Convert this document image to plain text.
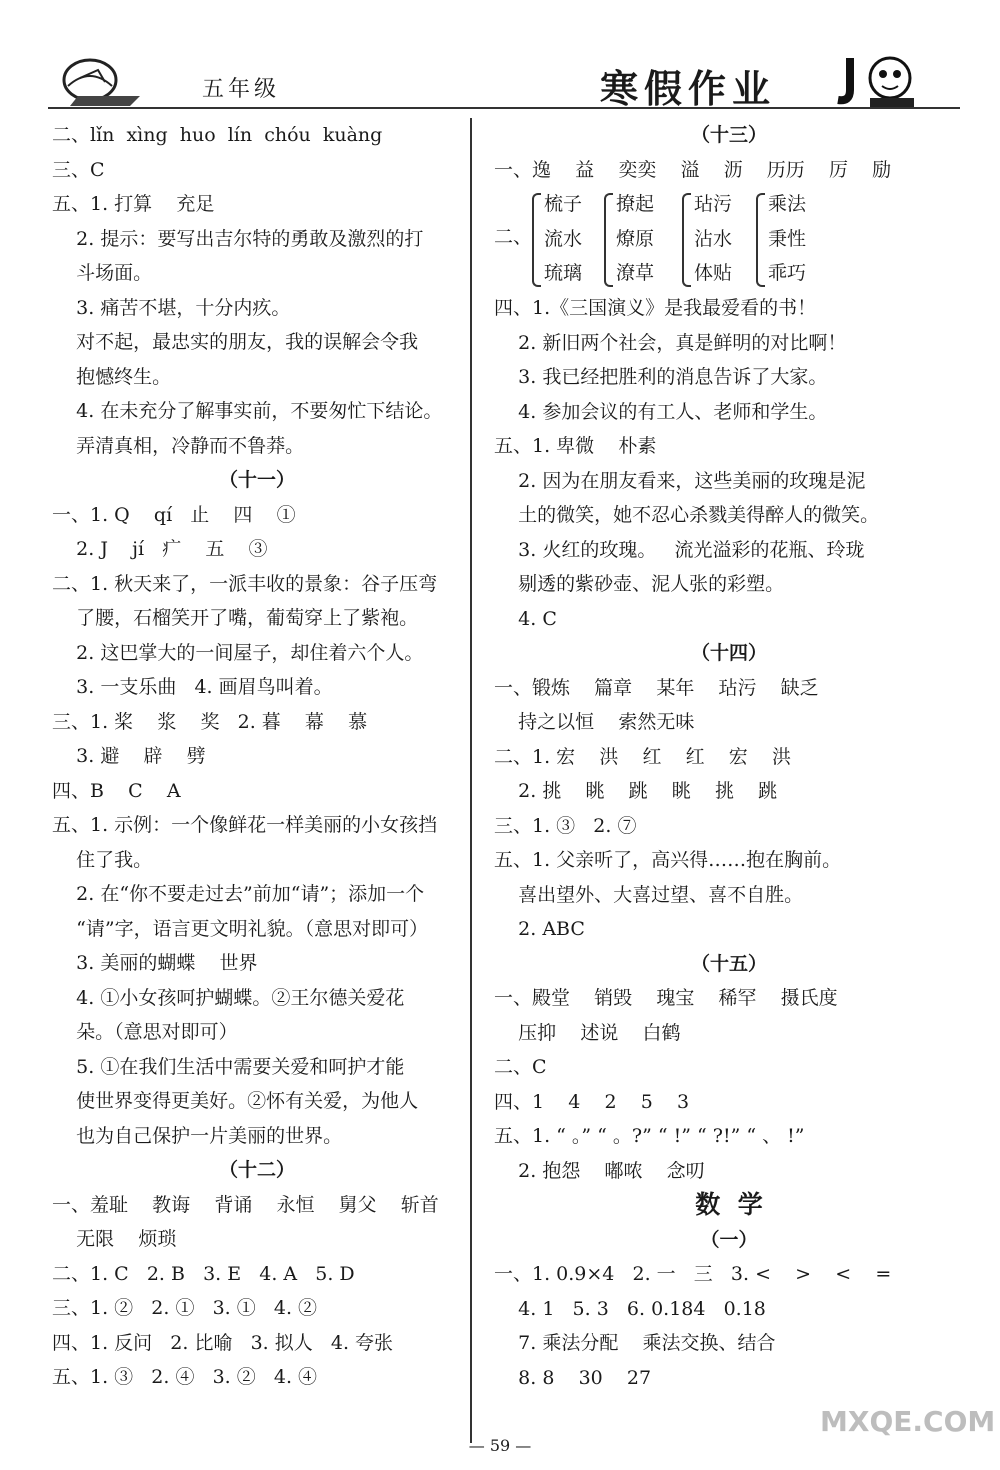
五年级	寒假作业
二、lǐn  xìng  huo  lín  chóu  kuàng
三、C
五、1. 打算    充足
2. 提示：要写出吉尔特的勇敢及激烈的打
斗场面。
3. 痛苦不堪，十分内疚。
对不起，最忠实的朋友，我的误解会令我
抱憾终生。
4. 在未充分了解事实前，不要匆忙下结论。
弄清真相，冷静而不鲁莽。
（十一）
一、1. Q    qí   止    四    ①
2. J    jí   疒    五    ③
二、1. 秋天来了，一派丰收的景象：谷子压弯
了腰，石榴笑开了嘴，葡萄穿上了紫袍。
2. 这巴掌大的一间屋子，却住着六个人。
3. 一支乐曲   4. 画眉鸟叫着。
三、1. 桨    浆    奖   2. 暮    幕    慕
3. 避    辟    劈
四、B    C    A
五、1. 示例：一个像鲜花一样美丽的小女孩挡
住了我。
2. 在“你不要走过去”前加“请”；添加一个
“请”字，语言更文明礼貌。（意思对即可）
3. 美丽的蝴蝶    世界
4. ①小女孩呵护蝴蝶。②王尔德关爱花
朵。（意思对即可）
5. ①在我们生活中需要关爱和呵护才能
使世界变得更美好。②怀有关爱，为他人
也为自己保护一片美丽的世界。
（十二）
一、羞耻    教诲    背诵    永恒    舅父    斩首
无限    烦琐
二、1. C   2. B   3. E   4. A   5. D
三、1. ②   2. ①   3. ①   4. ②
四、1. 反问   2. 比喻   3. 拟人   4. 夸张
五、1. ③   2. ④   3. ②   4. ④
（十三）
一、逸    益    奕奕    溢    沥    历历    厉    励
二、
梳子
流水
琉璃
撩起
燎原
潦草
玷污
沾水
体贴
乘法
秉性
乖巧
四、1.《三国演义》是我最爱看的书！
2. 新旧两个社会，真是鲜明的对比啊！
3. 我已经把胜利的消息告诉了大家。
4. 参加会议的有工人、老师和学生。
五、1. 卑微    朴素
2. 因为在朋友看来，这些美丽的玫瑰是泥
土的微笑，她不忍心杀戮美得醉人的微笑。
3. 火红的玫瑰。   流光溢彩的花瓶、玲珑
剔透的紫砂壶、泥人张的彩塑。
4. C
（十四）
一、锻炼    篇章    某年    玷污    缺乏
持之以恒    索然无味
二、1. 宏    洪    红    红    宏    洪
2. 挑    眺    跳    眺    挑    跳
三、1. ③   2. ⑦
五、1. 父亲听了，高兴得……抱在胸前。
喜出望外、大喜过望、喜不自胜。
2. ABC
（十五）
一、殿堂    销毁    瑰宝    稀罕    摄氏度
压抑    述说    白鹤
二、C
四、1    4    2    5    3
五、1. “ 。” “ 。?” “ !” “ ?!” “ 、 !”
2. 抱怨    嘟哝    念叨
数  学
（一）
一、1. 0.9×4   2. 一   三   3. <    >    <    =
4. 1   5. 3   6. 0.184   0.18
7. 乘法分配    乘法交换、结合
8. 8    30    27
— 59 —
MXQE.COM
